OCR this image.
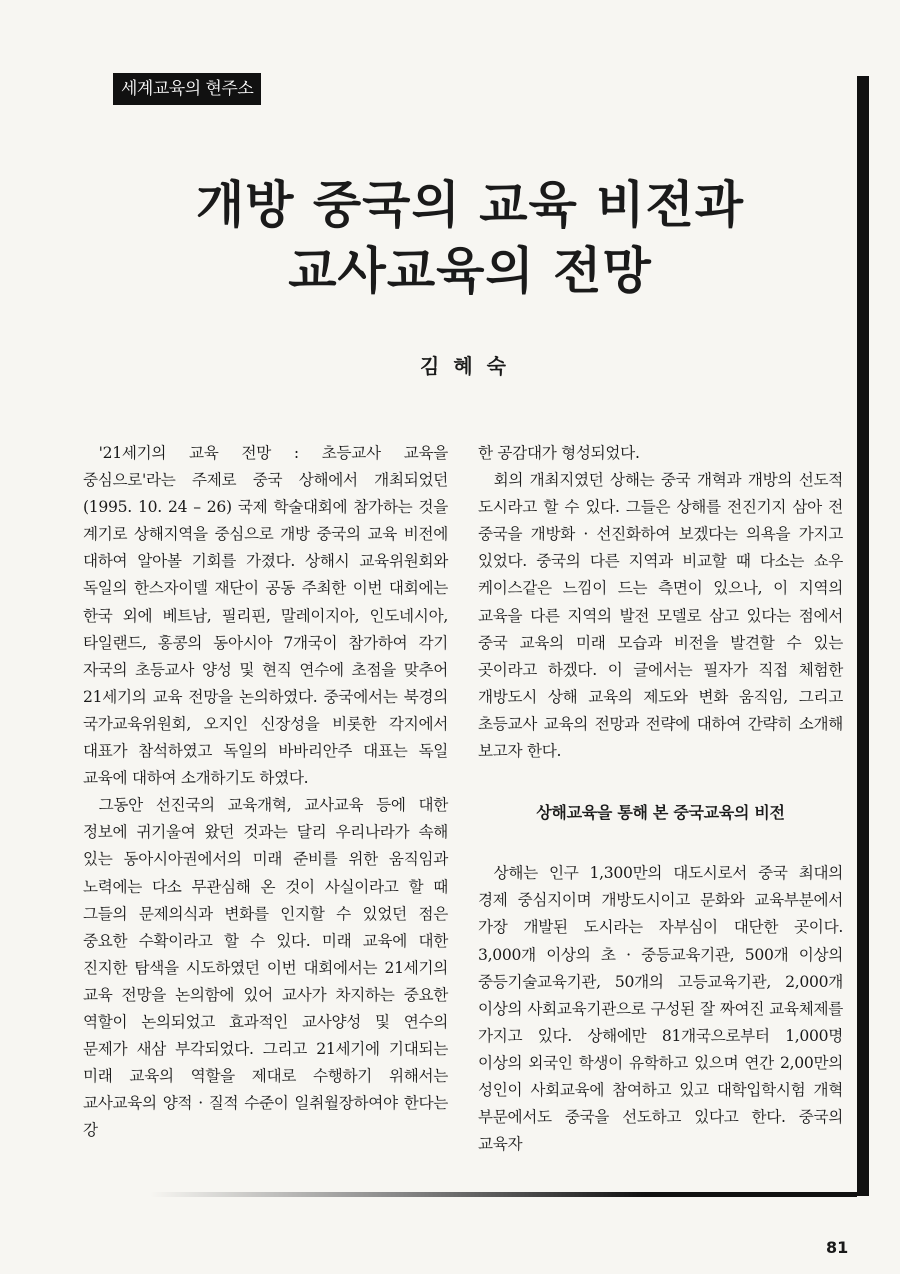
세계교육의 현주소
개방 중국의 교육 비전과
교사교육의 전망
김혜숙

'21세기의 교육 전망 : 초등교사 교육을 중심으로'라는 주제로 중국 상해에서 개최되었던 (1995. 10. 24 – 26) 국제 학술대회에 참가하는 것을 계기로 상해지역을 중심으로 개방 중국의 교육 비전에 대하여 알아볼 기회를 가졌다. 상해시 교육위원회와 독일의 한스자이델 재단이 공동 주최한 이번 대회에는 한국 외에 베트남, 필리핀, 말레이지아, 인도네시아, 타일랜드, 홍콩의 동아시아 7개국이 참가하여 각기 자국의 초등교사 양성 및 현직 연수에 초점을 맞추어 21세기의 교육 전망을 논의하였다. 중국에서는 북경의 국가교육위원회, 오지인 신장성을 비롯한 각지에서 대표가 참석하였고 독일의 바바리안주 대표는 독일 교육에 대하여 소개하기도 하였다.

그동안 선진국의 교육개혁, 교사교육 등에 대한 정보에 귀기울여 왔던 것과는 달리 우리나라가 속해 있는 동아시아권에서의 미래 준비를 위한 움직임과 노력에는 다소 무관심해 온 것이 사실이라고 할 때 그들의 문제의식과 변화를 인지할 수 있었던 점은 중요한 수확이라고 할 수 있다. 미래 교육에 대한 진지한 탐색을 시도하였던 이번 대회에서는 21세기의 교육 전망을 논의함에 있어 교사가 차지하는 중요한 역할이 논의되었고 효과적인 교사양성 및 연수의 문제가 새삼 부각되었다. 그리고 21세기에 기대되는 미래 교육의 역할을 제대로 수행하기 위해서는 교사교육의 양적 · 질적 수준이 일취월장하여야 한다는 강

한 공감대가 형성되었다.

회의 개최지였던 상해는 중국 개혁과 개방의 선도적 도시라고 할 수 있다. 그들은 상해를 전진기지 삼아 전 중국을 개방화 · 선진화하여 보겠다는 의욕을 가지고 있었다. 중국의 다른 지역과 비교할 때 다소는 쇼우 케이스같은 느낌이 드는 측면이 있으나, 이 지역의 교육을 다른 지역의 발전 모델로 삼고 있다는 점에서 중국 교육의 미래 모습과 비전을 발견할 수 있는 곳이라고 하겠다. 이 글에서는 필자가 직접 체험한 개방도시 상해 교육의 제도와 변화 움직임, 그리고 초등교사 교육의 전망과 전략에 대하여 간략히 소개해 보고자 한다.

상해교육을 통해 본 중국교육의 비전

상해는 인구 1,300만의 대도시로서 중국 최대의 경제 중심지이며 개방도시이고 문화와 교육부분에서 가장 개발된 도시라는 자부심이 대단한 곳이다. 3,000개 이상의 초 · 중등교육기관, 500개 이상의 중등기술교육기관, 50개의 고등교육기관, 2,000개 이상의 사회교육기관으로 구성된 잘 짜여진 교육체제를 가지고 있다. 상해에만 81개국으로부터 1,000명 이상의 외국인 학생이 유학하고 있으며 연간 2,00만의 성인이 사회교육에 참여하고 있고 대학입학시험 개혁 부문에서도 중국을 선도하고 있다고 한다. 중국의 교육자

81
